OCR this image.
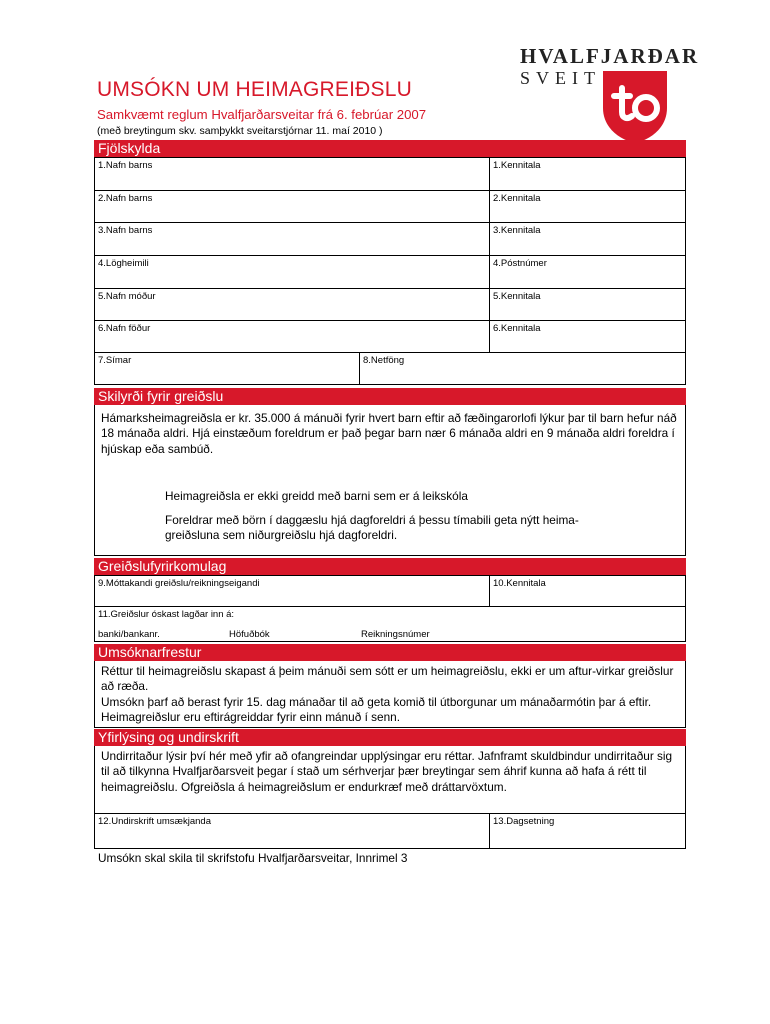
UMSÓKN UM HEIMAGREIÐSLU
Samkvæmt reglum Hvalfjarðarsveitar frá 6. febrúar 2007
(með breytingum skv. samþykkt sveitarstjórnar 11. maí 2010 )
HVALFJARÐAR
SVEIT
Fjölskylda
1.Nafn barns	1.Kennitala
2.Nafn barns	2.Kennitala
3.Nafn barns	3.Kennitala
4.Lögheimili	4.Póstnúmer
5.Nafn móður	5.Kennitala
6.Nafn föður	6.Kennitala
7.Símar	8.Netföng
Skilyrði fyrir greiðslu

Hámarksheimagreiðsla er kr. 35.000 á mánuði fyrir hvert barn eftir að fæðingarorlofi lýkur þar til barn hefur náð 18 mánaða aldri. Hjá einstæðum foreldrum er það þegar barn nær 6 mánaða aldri en 9 mánaða aldri foreldra í hjúskap eða sambúð.

Heimagreiðsla er ekki greidd með barni sem er á leikskóla

Foreldrar með börn í daggæslu hjá dagforeldri á þessu tímabili geta nýtt heima-greiðsluna sem niðurgreiðslu hjá dagforeldri.

Greiðslufyrirkomulag
9.Móttakandi greiðslu/reikningseigandi	10.Kennitala
11.Greiðslur óskast lagðar inn á:
banki/bankanr.	Höfuðbók	Reikningsnúmer
Umsóknarfrestur

Réttur til heimagreiðslu skapast á þeim mánuði sem sótt er um heimagreiðslu, ekki er um aftur-virkar greiðslur að ræða.

Umsókn þarf að berast fyrir 15. dag mánaðar til að geta komið til útborgunar um mánaðarmótin þar á eftir. Heimagreiðslur eru eftirágreiddar fyrir einn mánuð í senn.

Yfirlýsing og undirskrift

Undirritaður lýsir því hér með yfir að ofangreindar upplýsingar eru réttar. Jafnframt skuldbindur undirritaður sig til að tilkynna Hvalfjarðarsveit þegar í stað um sérhverjar þær breytingar sem áhrif kunna að hafa á rétt til heimagreiðslu. Ofgreiðsla á heimagreiðslum er endurkræf með dráttarvöxtum.

12.Undirskrift umsækjanda	13.Dagsetning
Umsókn skal skila til skrifstofu Hvalfjarðarsveitar, Innrimel 3
